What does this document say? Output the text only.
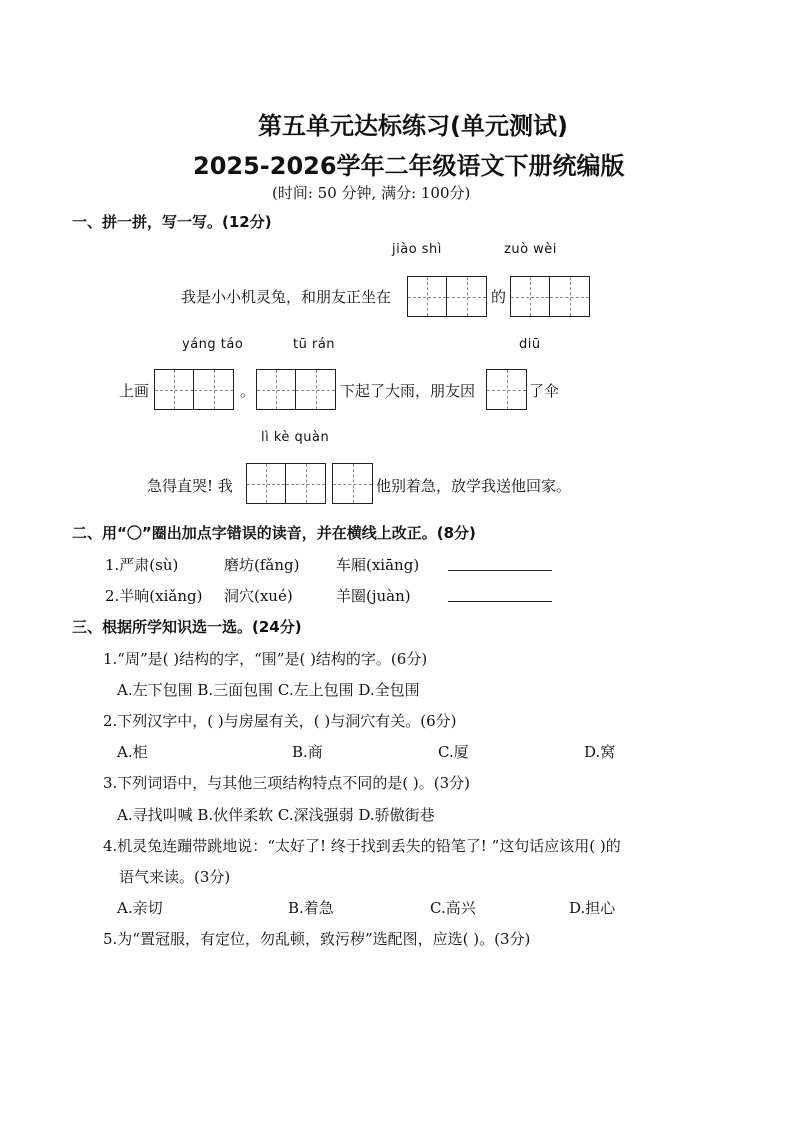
第五单元达标练习(单元测试)
2025-2026学年二年级语文下册统编版
(时间: 50 分钟, 满分: 100分)
一、拼一拼，写一写。(12分)
jiào shì	zuò wèi
我是小小机灵兔，和朋友正坐在	的
yáng táo	tū rán	diū
上画	。	下起了大雨，朋友因	了伞
lì kè quàn
急得直哭! 我	他别着急，放学我送他回家。
二、用“〇”圈出加点字错误的读音，并在横线上改正。(8分)
1.严肃(sù)	磨坊(fǎng) 车厢(xiāng)
2.半晌(xiǎng) 洞穴(xué)	羊圈(juàn)
三、根据所学知识选一选。(24分)
1.“周”是( )结构的字，“围”是( )结构的字。(6分)
A.左下包围 B.三面包围 C.左上包围 D.全包围
2.下列汉字中，( )与房屋有关，( )与洞穴有关。(6分)
A.柜	B.商	C.厦	D.窝
3.下列词语中，与其他三项结构特点不同的是( )。(3分)
A.寻找叫喊 B.伙伴柔软 C.深浅强弱 D.骄傲街巷
4.机灵兔连蹦带跳地说：“太好了! 终于找到丢失的铅笔了! ”这句话应该用( )的
语气来读。(3分)
A.亲切	B.着急	C.高兴	D.担心
5.为“置冠服，有定位，勿乱顿，致污秽”选配图，应选( )。(3分)
